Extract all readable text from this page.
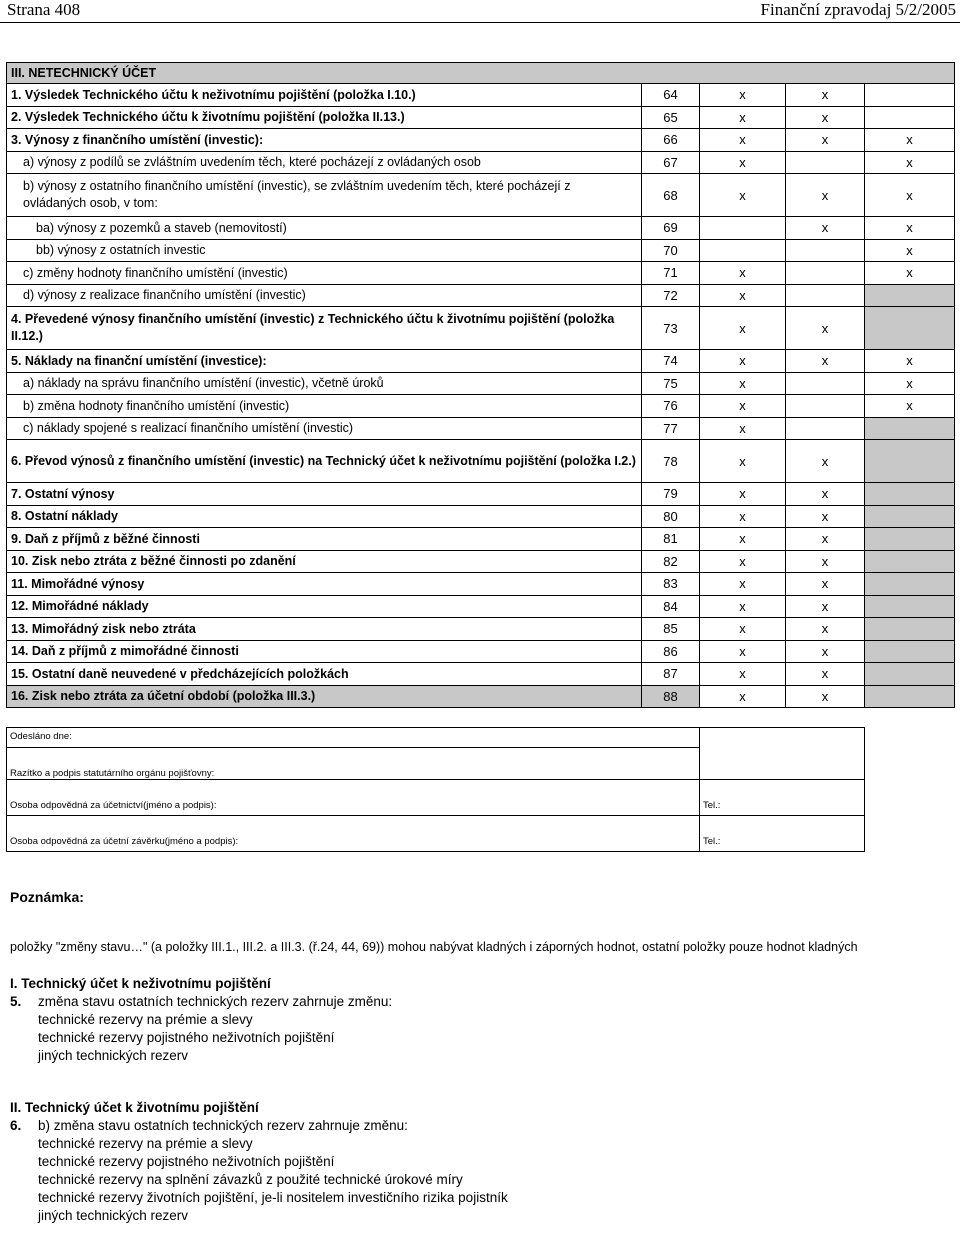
Strana 408	Finanční zpravodaj 5/2/2005
III. NETECHNICKÝ ÚČET				
1. Výsledek Technického účtu k neživotnímu pojištění (položka I.10.)	64	x	x	
2. Výsledek Technického účtu k životnímu pojištění (položka II.13.)	65	x	x	
3. Výnosy z finančního umístění (investic):	66	x	x	x
a) výnosy z podílů se zvláštním uvedením těch, které pocházejí z ovládaných osob	67	x		x
b) výnosy z ostatního finančního umístění (investic), se zvláštním uvedením těch, které pocházejí z ovládaných osob, v tom:	68	x	x	x
ba) výnosy z pozemků a staveb (nemovitostí)	69		x	x
bb) výnosy z ostatních investic	70			x
c) změny hodnoty finančního umístění (investic)	71	x		x
d) výnosy z realizace finančního umístění (investic)	72	x		
4. Převedené výnosy finančního umístění (investic) z Technického účtu k životnímu pojištění (položka II.12.)	73	x	x	
5. Náklady na finanční umístění (investice):	74	x	x	x
a) náklady na správu finančního umístění (investic), včetně úroků	75	x		x
b) změna hodnoty finančního umístění (investic)	76	x		x
c) náklady spojené s realizací finančního umístění (investic)	77	x		
6. Převod výnosů z finančního umístění (investic) na Technický účet k neživotnímu pojištění (položka I.2.)	78	x	x	
7. Ostatní výnosy	79	x	x	
8. Ostatní náklady	80	x	x	
9. Daň z příjmů z běžné činnosti	81	x	x	
10. Zisk nebo ztráta z běžné činnosti po zdanění	82	x	x	
11. Mimořádné výnosy	83	x	x	
12. Mimořádné náklady	84	x	x	
13. Mimořádný zisk nebo ztráta	85	x	x	
14. Daň z příjmů z mimořádné činnosti	86	x	x	
15. Ostatní daně neuvedené v předcházejících položkách	87	x	x	
16. Zisk nebo ztráta za účetní období (položka III.3.)	88	x	x	
Odesláno dne:	
Razítko a podpis statutárního orgánu pojišťovny:	
Osoba odpovědná za účetnictví(jméno a podpis):	Tel.:
Osoba odpovědná za účetní závěrku(jméno a podpis):	Tel.:
Poznámka:
položky "změny stavu…" (a položky III.1., III.2. a III.3. (ř.24, 44, 69)) mohou nabývat kladných i záporných hodnot, ostatní položky pouze hodnot kladných
I. Technický účet k neživotnímu pojištění
5. změna stavu ostatních technických rezerv zahrnuje změnu:
technické rezervy na prémie a slevy
technické rezervy pojistného neživotních pojištění
jiných technických rezerv
II. Technický účet k životnímu pojištění
6. b) změna stavu ostatních technických rezerv zahrnuje změnu:
technické rezervy na prémie a slevy
technické rezervy pojistného neživotních pojištění
technické rezervy na splnění závazků z použité technické úrokové míry
technické rezervy životních pojištění, je-li nositelem investičního rizika pojistník
jiných technických rezerv
